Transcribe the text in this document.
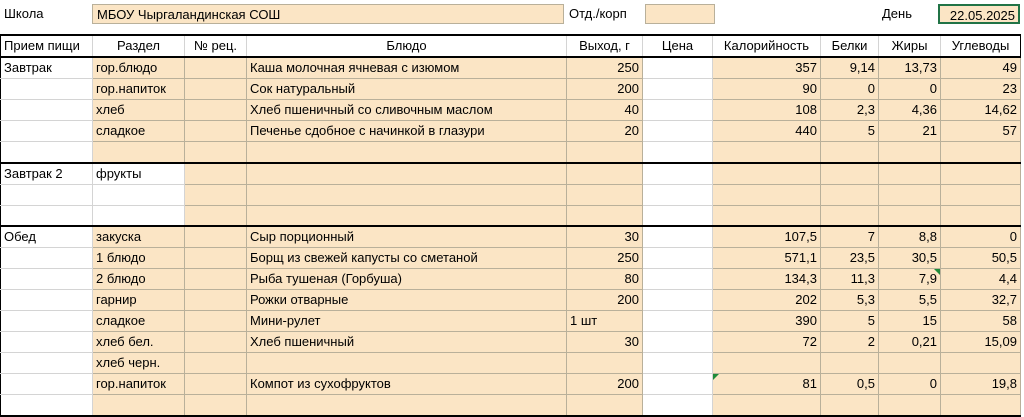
Школа	МБОУ Чыргаландинская СОШ	Отд./корп	День	22.05.2025
Прием пищи	Раздел	№ рец.	Блюдо	Выход, г	Цена	Калорийность	Белки	Жиры	Углеводы
Завтрак	гор.блюдо		Каша молочная ячневая с изюмом	250		357	9,14	13,73	49
	гор.напиток		Сок натуральный	200		90	0	0	23
	хлеб		Хлеб пшеничный со сливочным маслом	40		108	2,3	4,36	14,62
	сладкое		Печенье сдобное с начинкой в глазури	20		440	5	21	57

Завтрак 2	фрукты								

Обед	закуска		Сыр порционный	30		107,5	7	8,8	0
	1 блюдо		Борщ из свежей капусты со сметаной	250		571,1	23,5	30,5	50,5
	2 блюдо		Рыба тушеная (Горбуша)	80		134,3	11,3	7,9	4,4
	гарнир		Рожки отварные	200		202	5,3	5,5	32,7
	сладкое		Мини-рулет	1 шт		390	5	15	58
	хлеб бел.		Хлеб пшеничный	30		72	2	0,21	15,09
	хлеб черн.								
	гор.напиток		Компот из сухофруктов	200		81	0,5	0	19,8
